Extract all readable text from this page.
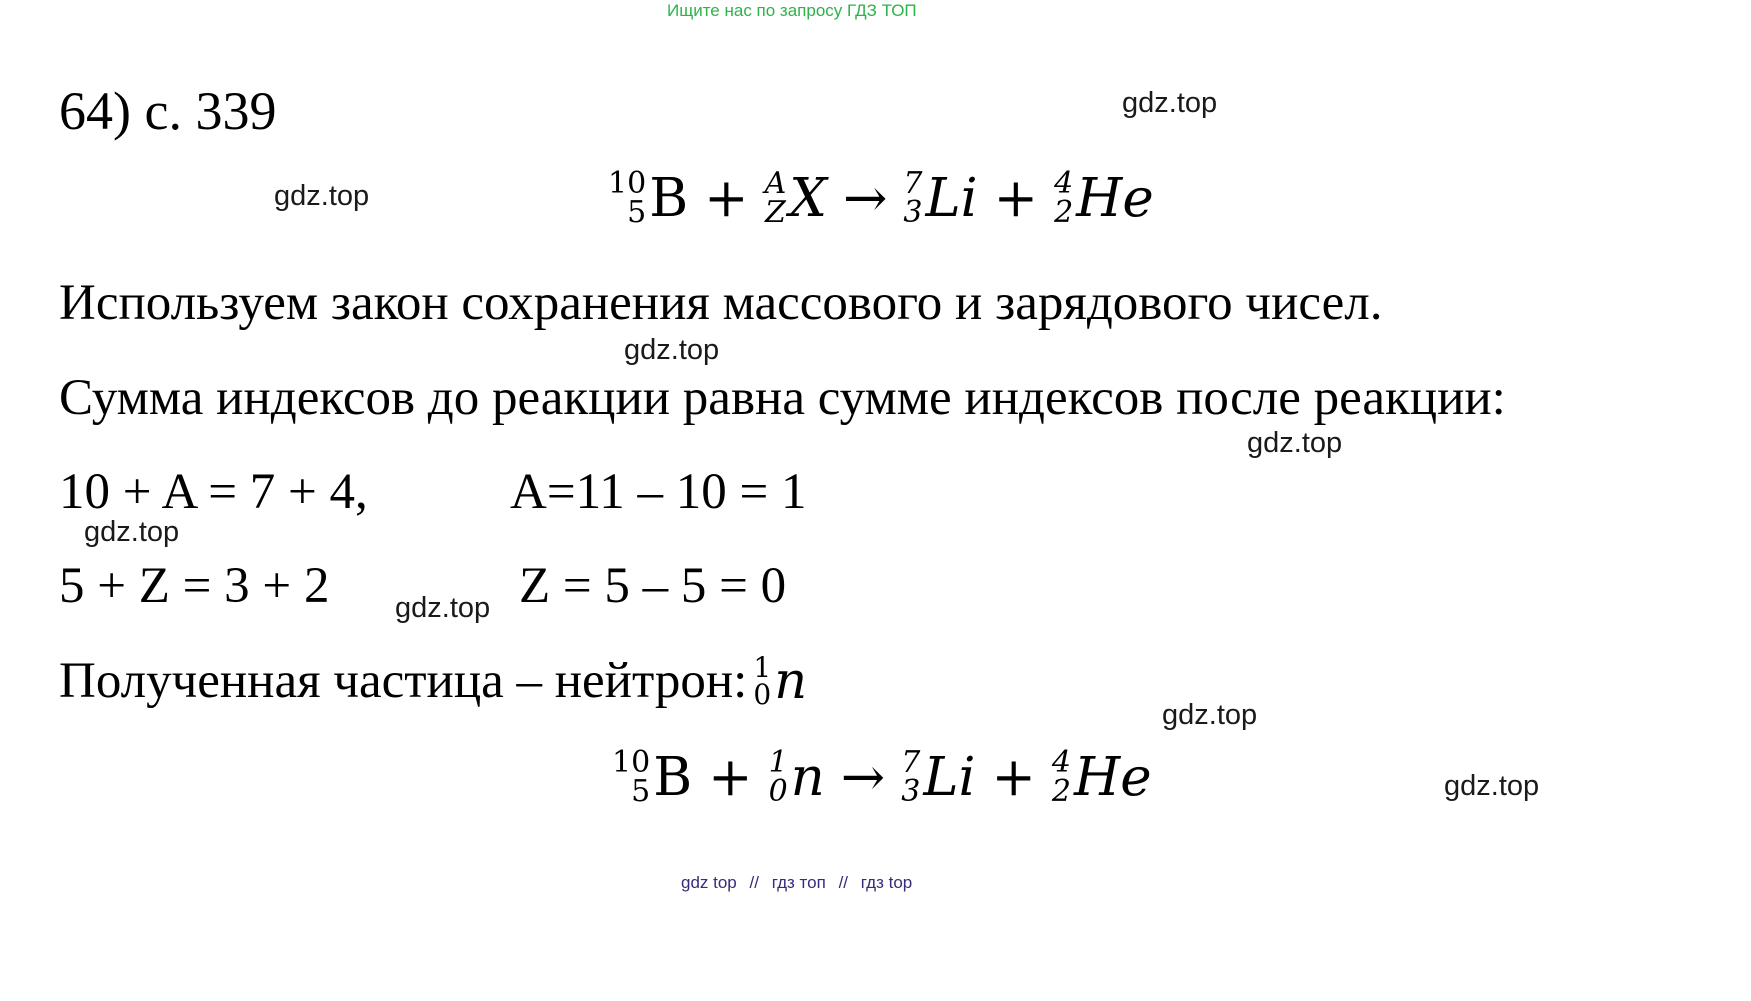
Ищите нас по запросу ГДЗ ТОП
64) с. 339	gdz.top
gdz.top
gdz.top
gdz.top
gdz.top
gdz.top
gdz.top
gdz.top
10
5 B + A
Z X → 7
3 Li + 4
2 He
Используем закон сохранения массового и зарядового чисел.
Сумма индексов до реакции равна сумме индексов после реакции:
10 + A = 7 + 4,	A=11 – 10 = 1
5 + Z = 3 + 2	Z = 5 – 5 = 0
Полученная частица – нейтрон: 1
0 n
10
5 B + 1
0 n → 7
3 Li + 4
2 He
gdz top // гдз топ // гдз top
